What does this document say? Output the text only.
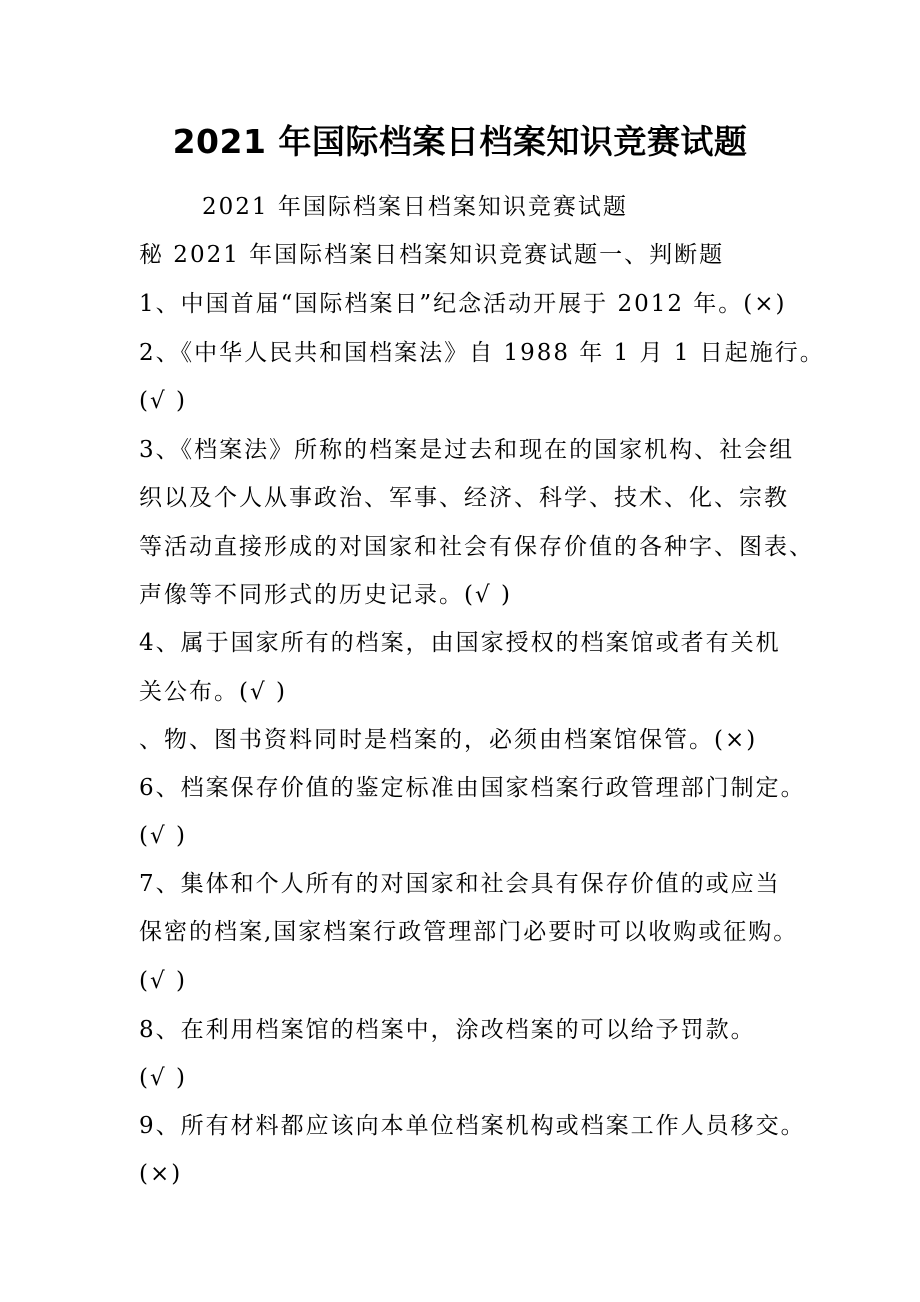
2021 年国际档案日档案知识竞赛试题
2021 年国际档案日档案知识竞赛试题
秘 2021 年国际档案日档案知识竞赛试题一、判断题
1、中国首届“国际档案日”纪念活动开展于 2012 年。(×)
2、《中华人民共和国档案法》自 1988 年 1 月 1 日起施行。
(√ )
3、《档案法》所称的档案是过去和现在的国家机构、社会组
织以及个人从事政治、军事、经济、科学、技术、化、宗教
等活动直接形成的对国家和社会有保存价值的各种字、图表、
声像等不同形式的历史记录。(√ )
4、属于国家所有的档案，由国家授权的档案馆或者有关机
关公布。(√ )
、物、图书资料同时是档案的，必须由档案馆保管。(×)
6、档案保存价值的鉴定标准由国家档案行政管理部门制定。
(√ )
7、集体和个人所有的对国家和社会具有保存价值的或应当
保密的档案,国家档案行政管理部门必要时可以收购或征购。
(√ )
8、在利用档案馆的档案中，涂改档案的可以给予罚款。
(√ )
9、所有材料都应该向本单位档案机构或档案工作人员移交。
(×)
